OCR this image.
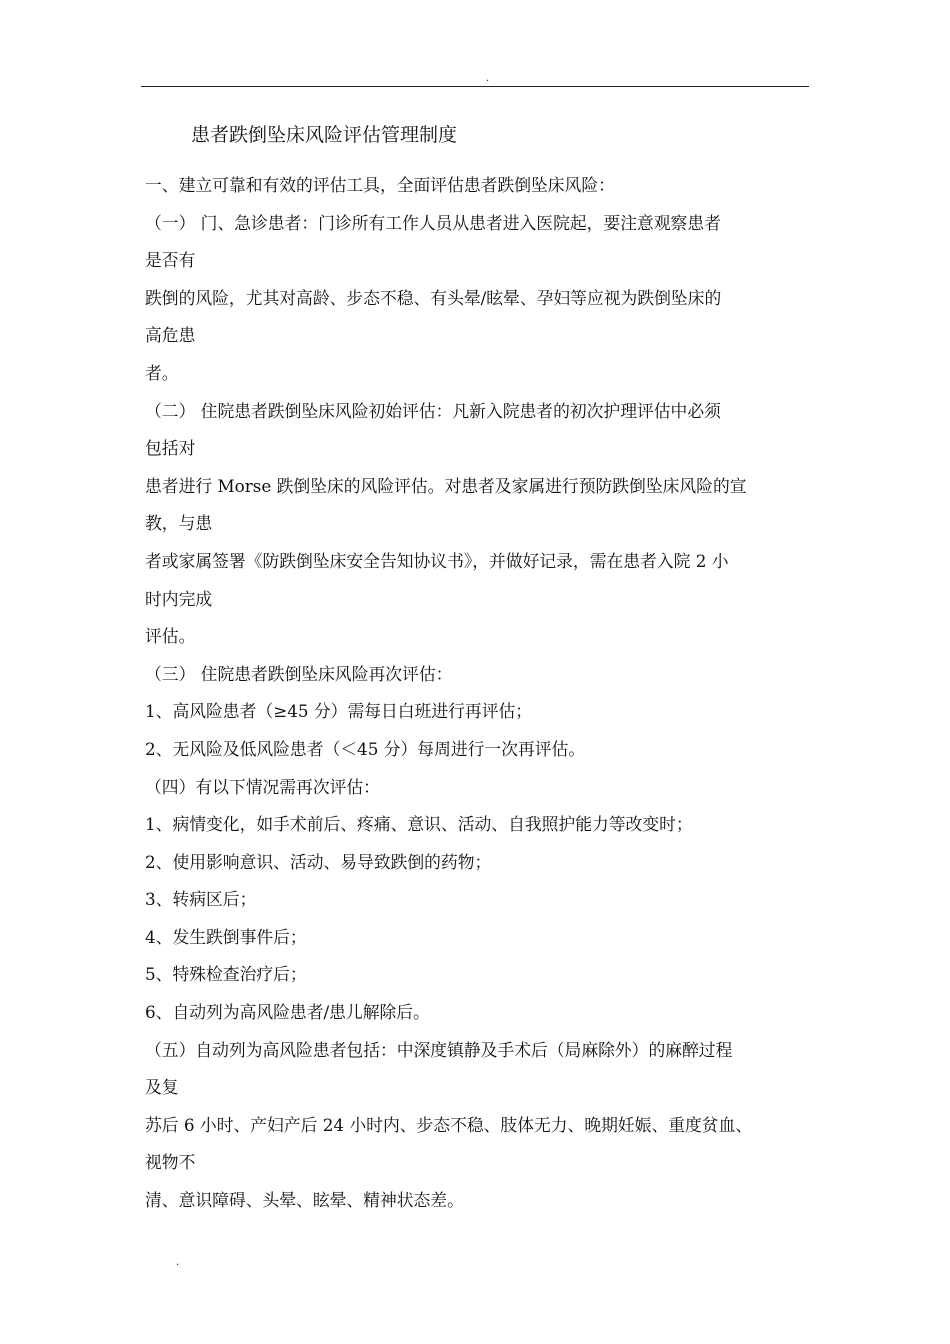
.
患者跌倒坠床风险评估管理制度
一、建立可靠和有效的评估工具，全面评估患者跌倒坠床风险：
（一） 门、急诊患者：门诊所有工作人员从患者进入医院起，要注意观察患者
是否有
跌倒的风险，尤其对高龄、步态不稳、有头晕/眩晕、孕妇等应视为跌倒坠床的
高危患
者。
（二） 住院患者跌倒坠床风险初始评估：凡新入院患者的初次护理评估中必须
包括对
患者进行 Morse 跌倒坠床的风险评估。对患者及家属进行预防跌倒坠床风险的宣
教，与患
者或家属签署《防跌倒坠床安全告知协议书》，并做好记录，需在患者入院 2 小
时内完成
评估。
（三） 住院患者跌倒坠床风险再次评估：
1、高风险患者（≥45 分）需每日白班进行再评估；
2、无风险及低风险患者（＜45 分）每周进行一次再评估。
（四）有以下情况需再次评估：
1、病情变化，如手术前后、疼痛、意识、活动、自我照护能力等改变时；
2、使用影响意识、活动、易导致跌倒的药物；
3、转病区后；
4、发生跌倒事件后；
5、特殊检查治疗后；
6、自动列为高风险患者/患儿解除后。
（五）自动列为高风险患者包括：中深度镇静及手术后（局麻除外）的麻醉过程
及复
苏后 6 小时、产妇产后 24 小时内、步态不稳、肢体无力、晚期妊娠、重度贫血、
视物不
清、意识障碍、头晕、眩晕、精神状态差。
.
